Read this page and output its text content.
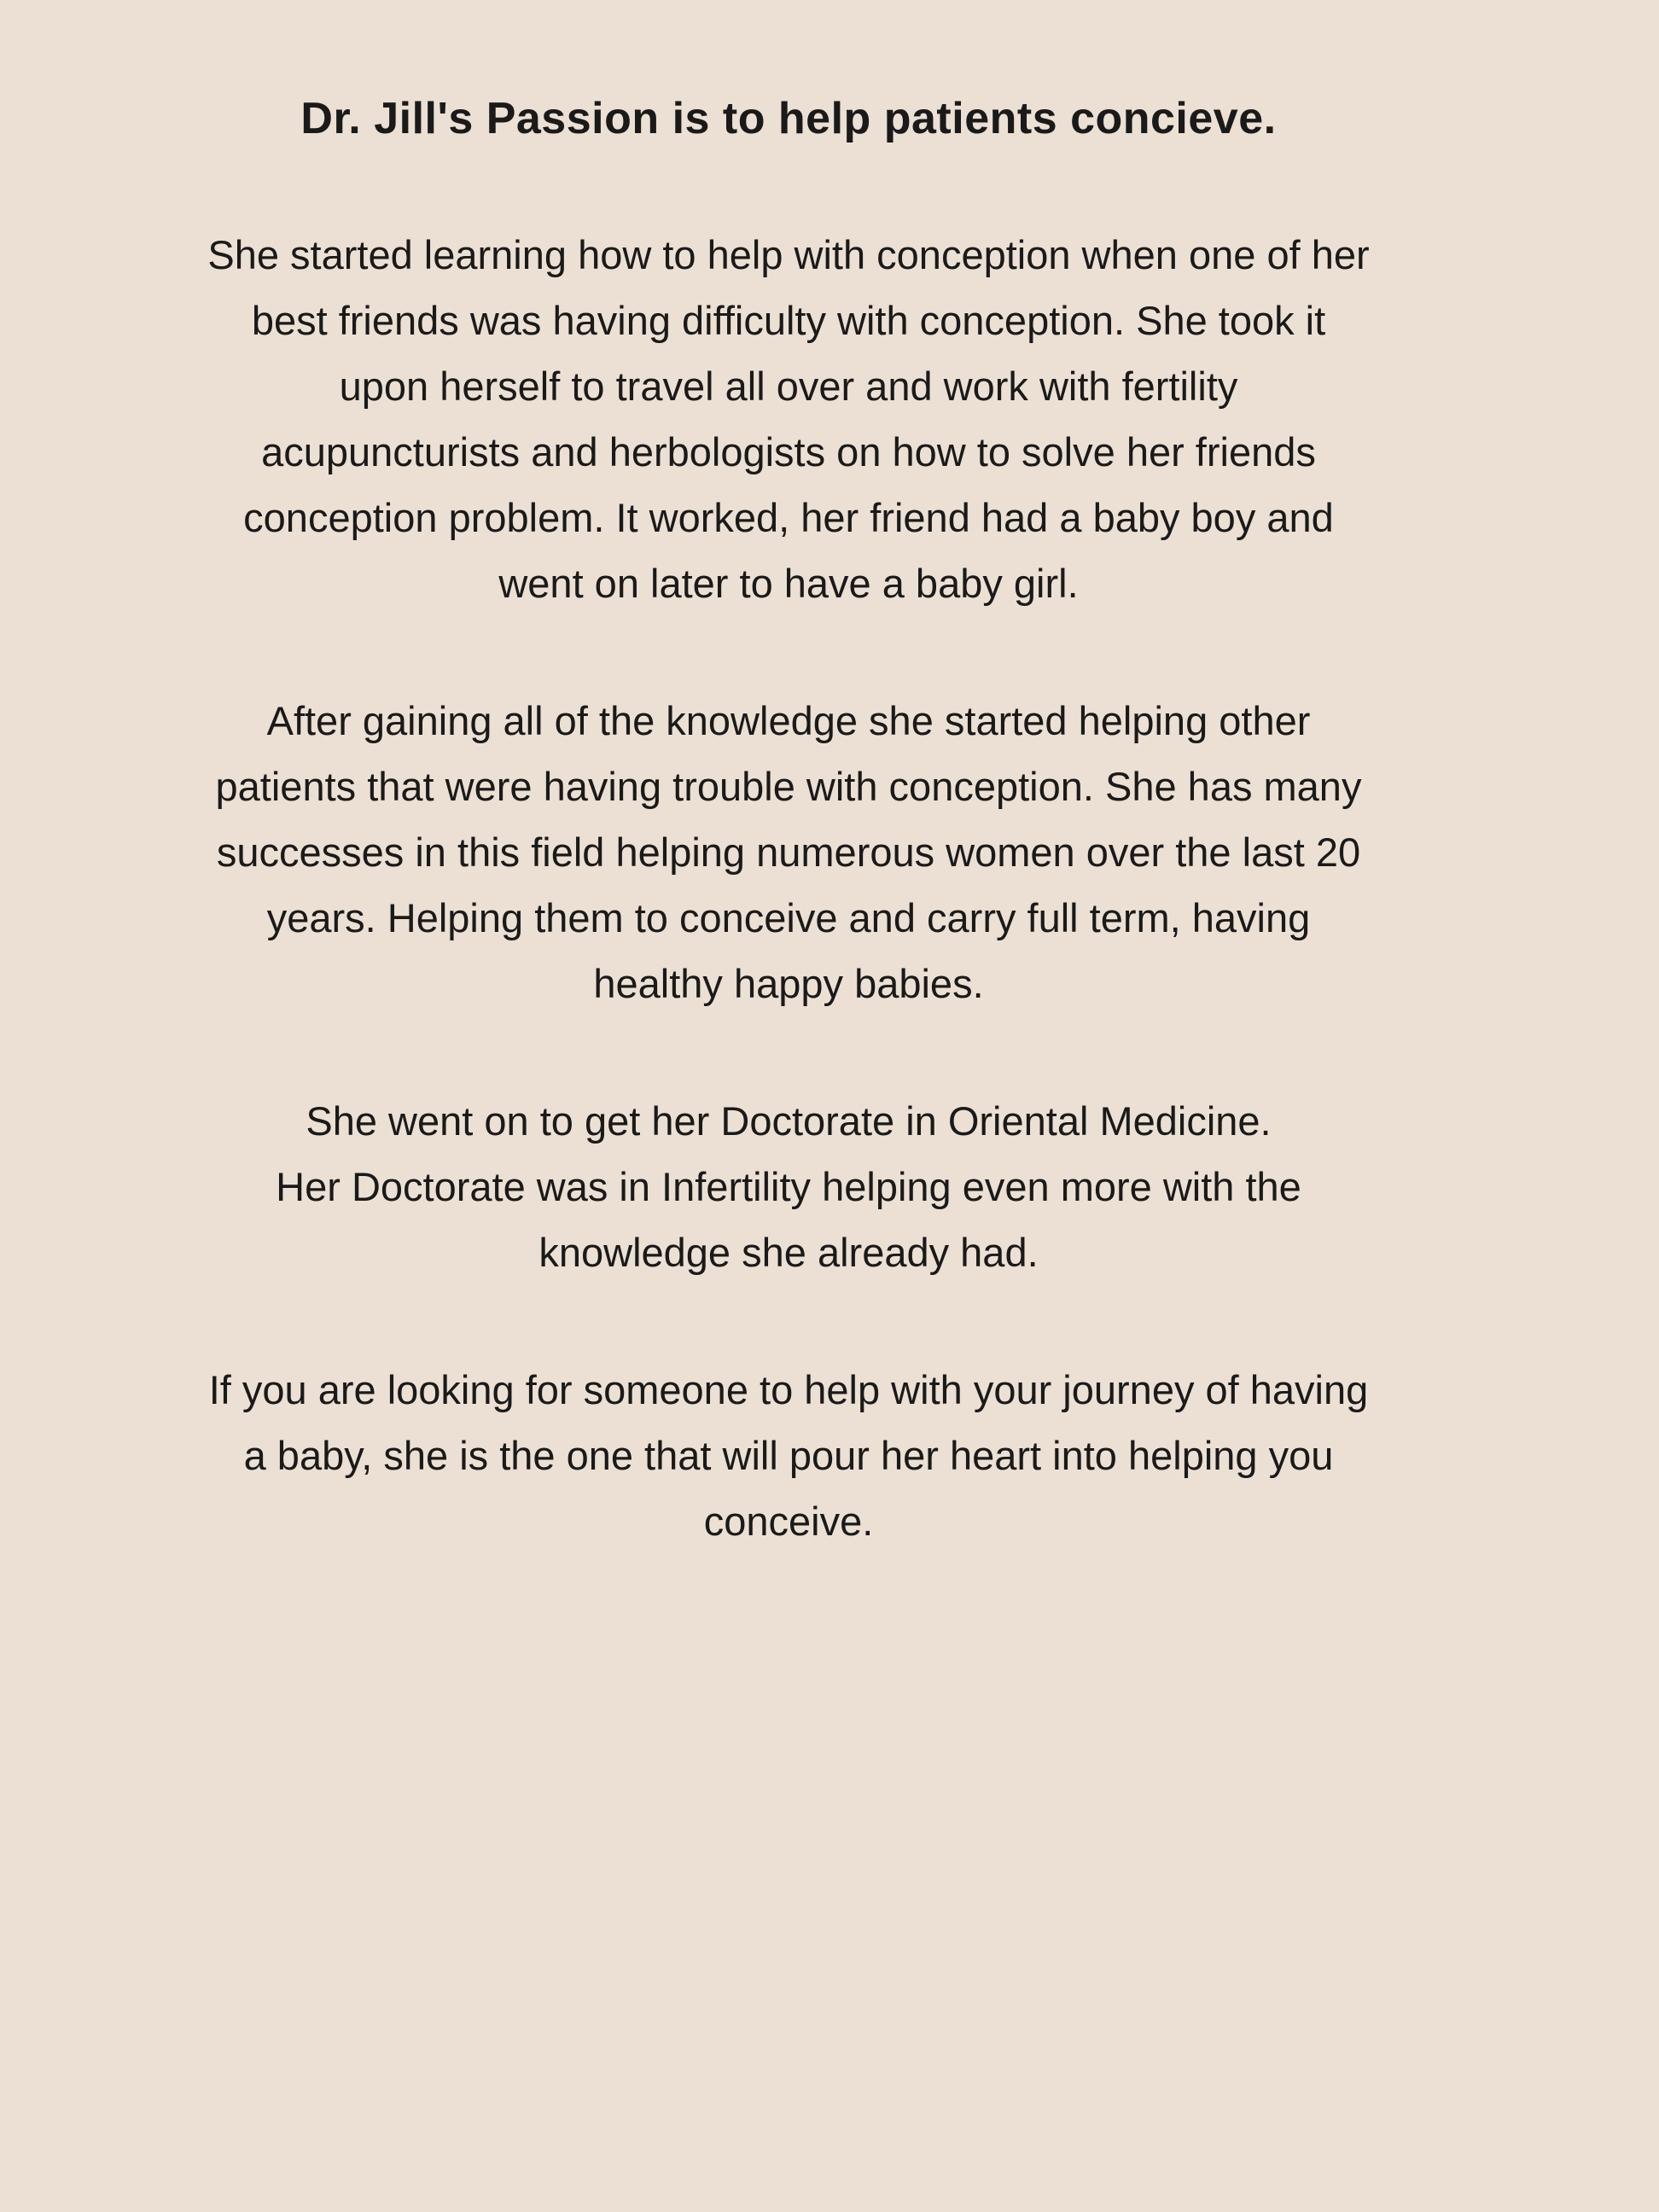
Dr. Jill's Passion is to help patients concieve.

She started learning how to help with conception when one of her
best friends was having difficulty with conception. She took it
upon herself to travel all over and work with fertility
acupuncturists and herbologists on how to solve her friends
conception problem. It worked, her friend had a baby boy and
went on later to have a baby girl.

After gaining all of the knowledge she started helping other
patients that were having trouble with conception. She has many
successes in this field helping numerous women over the last 20
years. Helping them to conceive and carry full term, having
healthy happy babies.

She went on to get her Doctorate in Oriental Medicine.
Her Doctorate was in Infertility helping even more with the
knowledge she already had.

If you are looking for someone to help with your journey of having
a baby, she is the one that will pour her heart into helping you
conceive.
